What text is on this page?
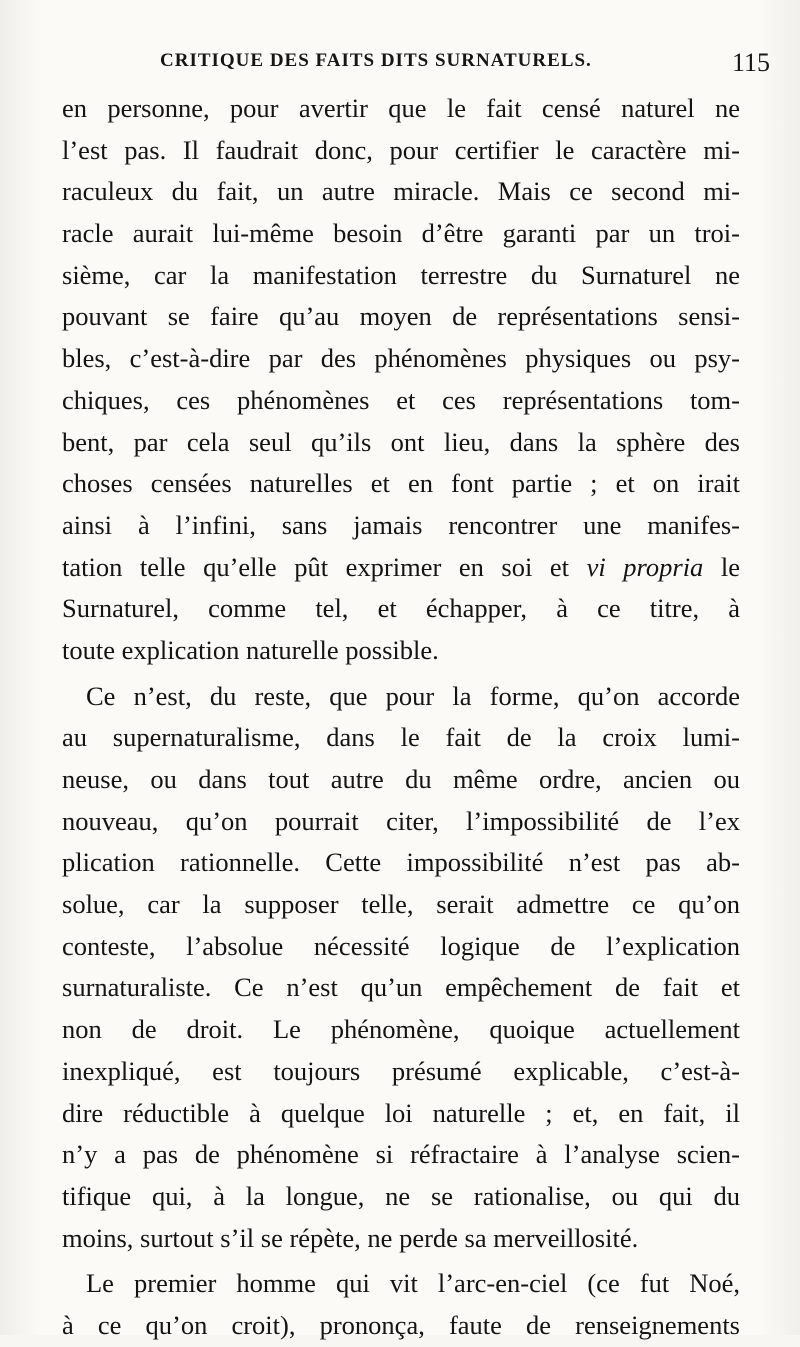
CRITIQUE DES FAITS DITS SURNATURELS.	115
en personne, pour avertir que le fait censé naturel ne
l’est pas. Il faudrait donc, pour certifier le caractère mi-
raculeux du fait, un autre miracle. Mais ce second mi-
racle aurait lui-même besoin d’être garanti par un troi-
sième, car la manifestation terrestre du Surnaturel ne
pouvant se faire qu’au moyen de représentations sensi-
bles, c’est-à-dire par des phénomènes physiques ou psy-
chiques, ces phénomènes et ces représentations tom-
bent, par cela seul qu’ils ont lieu, dans la sphère des
choses censées naturelles et en font partie ; et on irait
ainsi à l’infini, sans jamais rencontrer une manifes-
tation telle qu’elle pût exprimer en soi et vi propria le
Surnaturel, comme tel, et échapper, à ce titre, à
toute explication naturelle possible.
Ce n’est, du reste, que pour la forme, qu’on accorde
au supernaturalisme, dans le fait de la croix lumi-
neuse, ou dans tout autre du même ordre, ancien ou
nouveau, qu’on pourrait citer, l’impossibilité de l’ex
plication rationnelle. Cette impossibilité n’est pas ab-
solue, car la supposer telle, serait admettre ce qu’on
conteste, l’absolue nécessité logique de l’explication
surnaturaliste. Ce n’est qu’un empêchement de fait et
non de droit. Le phénomène, quoique actuellement
inexpliqué, est toujours présumé explicable, c’est-à-
dire réductible à quelque loi naturelle ; et, en fait, il
n’y a pas de phénomène si réfractaire à l’analyse scien-
tifique qui, à la longue, ne se rationalise, ou qui du
moins, surtout s’il se répète, ne perde sa merveillosité.
Le premier homme qui vit l’arc-en-ciel (ce fut Noé,
à ce qu’on croit), prononça, faute de renseignements
